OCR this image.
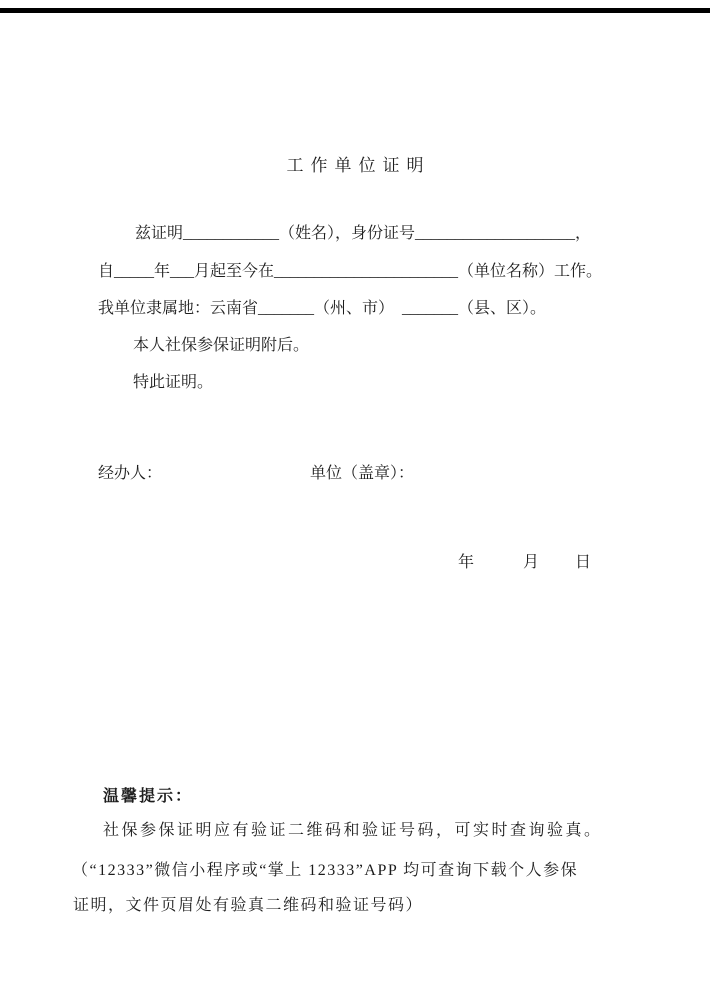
工作单位证明
兹证明____________（姓名），身份证号____________________，
自_____年___月起至今在_______________________（单位名称）工作。
我单位隶属地：云南省_______（州、市）  _______（县、区）。
本人社保参保证明附后。
特此证明。
经办人：	单位（盖章）：
年	月 日
温馨提示：
社保参保证明应有验证二维码和验证号码，可实时查询验真。
（“12333”微信小程序或“掌上 12333”APP 均可查询下载个人参保
证明，文件页眉处有验真二维码和验证号码）
